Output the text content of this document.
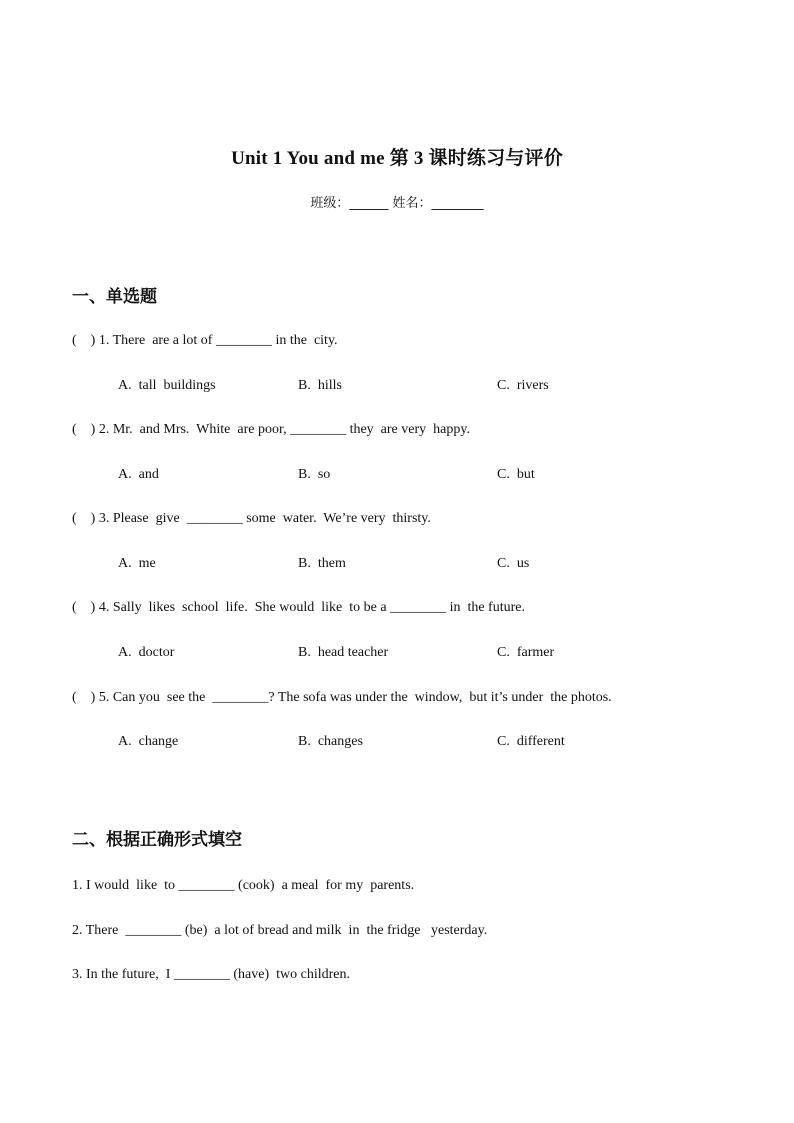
Unit 1 You and me 第 3 课时练习与评价
班级：______ 姓名：________
一、单选题
(    ) 1. There  are a lot of ________ in the  city.
A.  tall  buildings	B.  hills	C.  rivers
(    ) 2. Mr.  and Mrs.  White  are poor, ________ they  are very  happy.
A.  and	B.  so	C.  but
(    ) 3. Please  give  ________ some  water.  We’re very  thirsty.
A.  me	B.  them	C.  us
(    ) 4. Sally  likes  school  life.  She would  like  to be a ________ in  the future.
A.  doctor	B.  head teacher	C.  farmer
(    ) 5. Can you  see the  ________? The sofa was under the  window,  but it’s under  the photos.
A.  change	B.  changes	C.  different
二、根据正确形式填空
1. I would  like  to ________ (cook)  a meal  for my  parents.
2. There  ________ (be)  a lot of bread and milk  in  the fridge   yesterday.
3. In the future,  I ________ (have)  two children.
